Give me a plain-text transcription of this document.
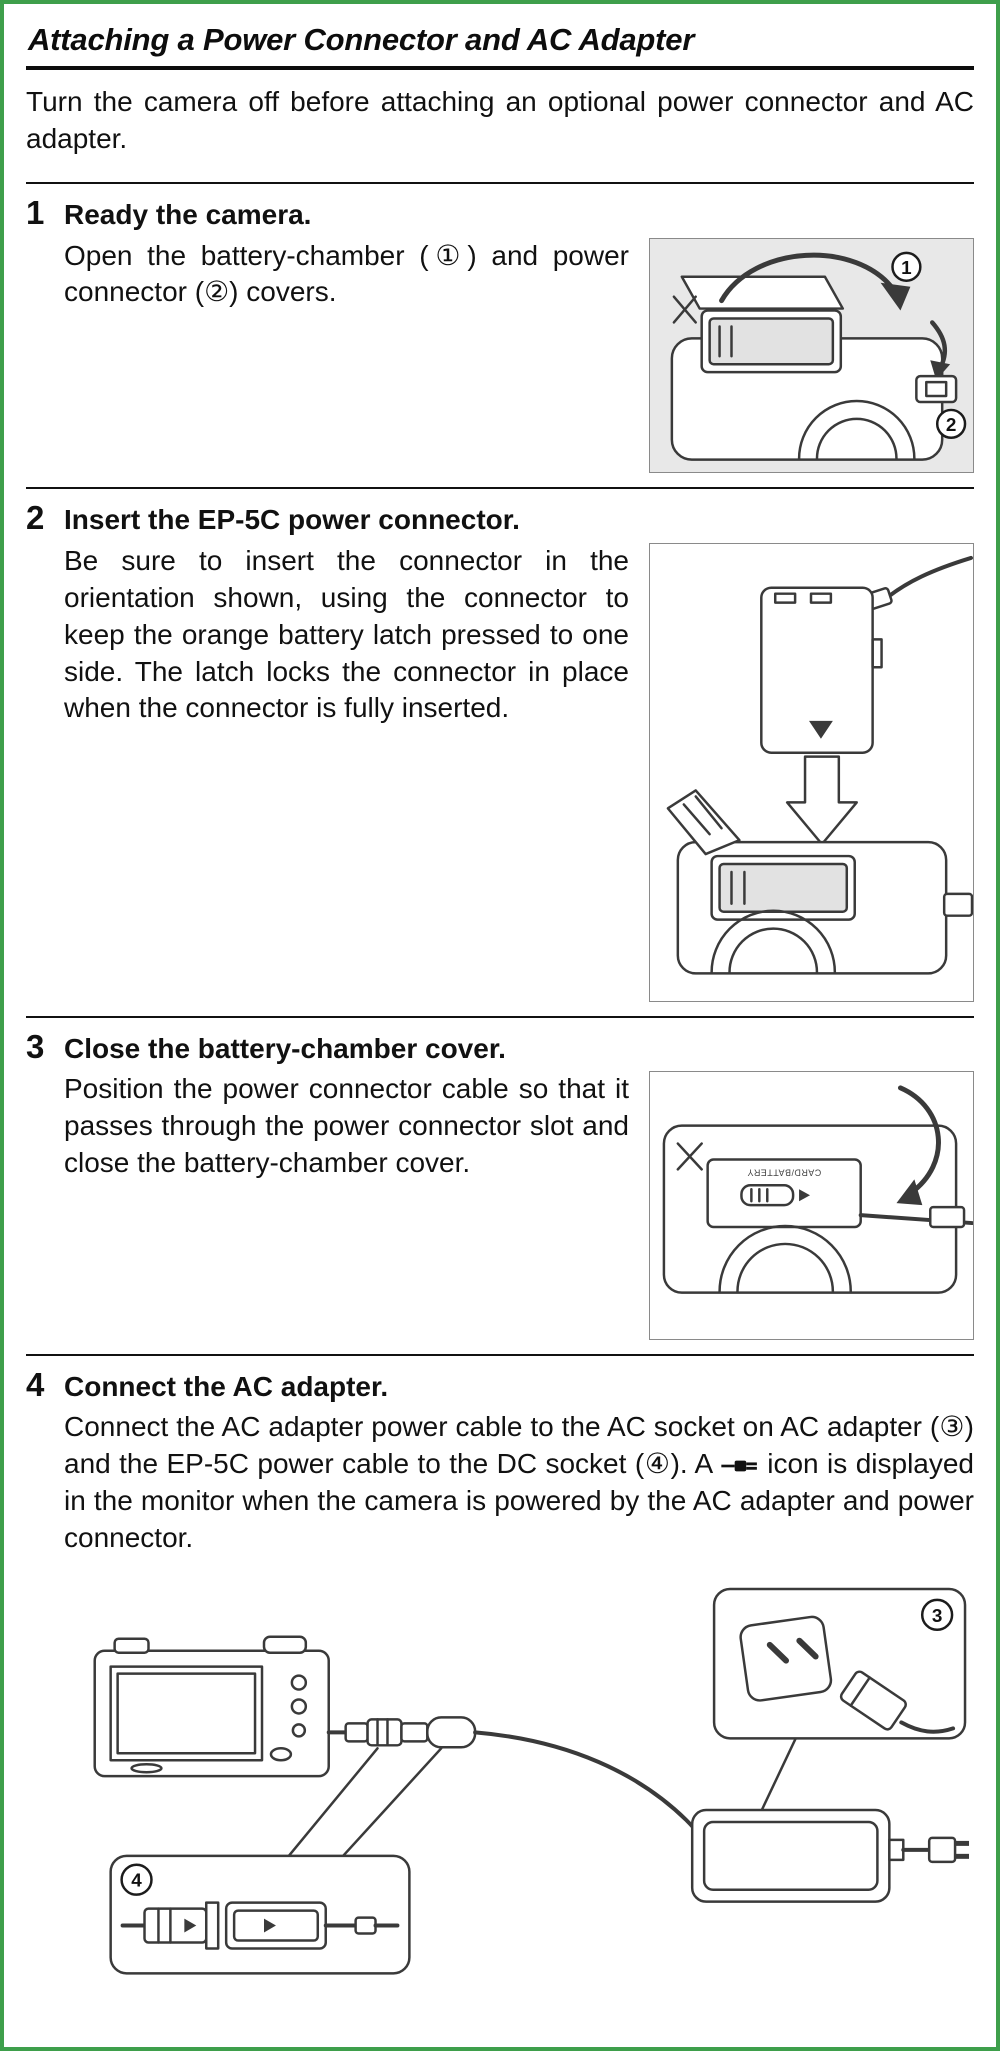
Attaching a Power Connector and AC Adapter

Turn the camera off before attaching an optional power connector and AC adapter.

1 Ready the camera.

Open the battery-chamber (①) and power connector (②) covers.

1
2
2 Insert the EP-5C power connector.

Be sure to insert the connector in the orientation shown, using the connector to keep the orange battery latch pressed to one side. The latch locks the connector in place when the connector is fully inserted.

3 Close the battery-chamber cover.

Position the power connector cable so that it passes through the power connector slot and close the battery-chamber cover.	CARD/BATTERY
4 Connect the AC adapter.

Connect the AC adapter power cable to the AC socket on AC adapter (③) and the EP-5C power cable to the DC socket (④). A icon is displayed in the monitor when the camera is powered by the AC adapter and power connector.

3
4
